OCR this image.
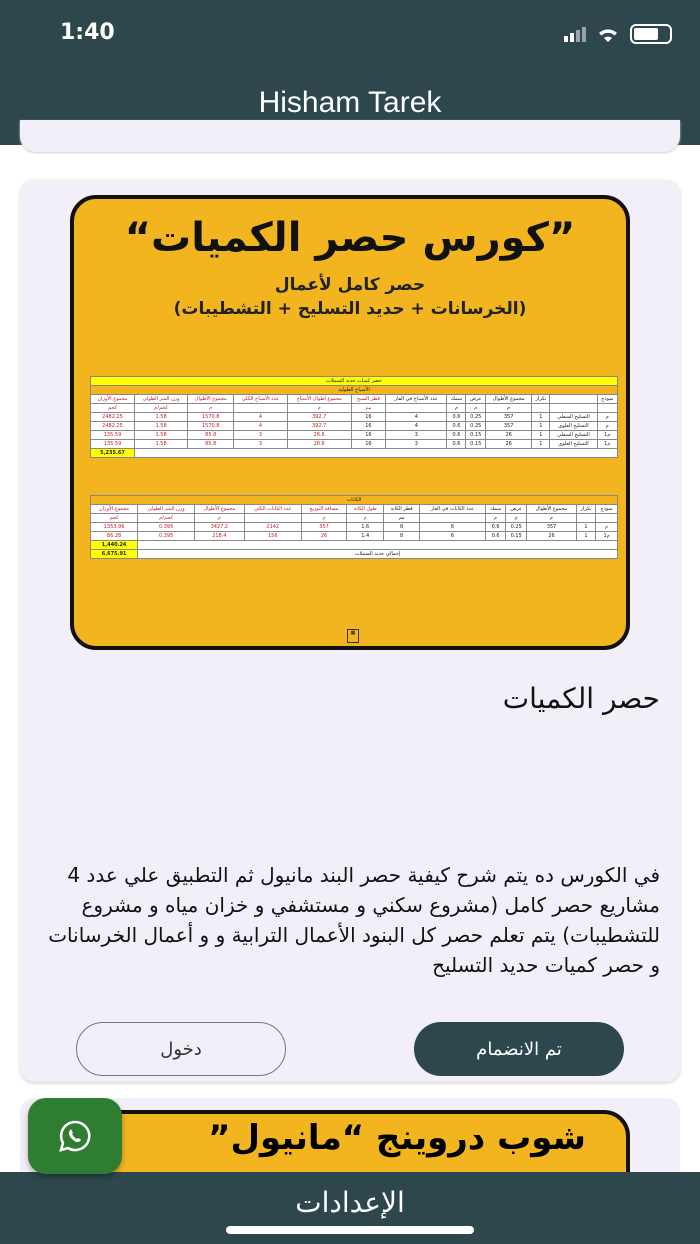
1:40
Hisham Tarek
“كورس حصر الكميات”
حصر كامل لأعمال
(الخرسانات + حديد التسليح + التشطيبات)
حصر كميات حديد السملات												
الأسياخ الطولية												
نموذج		تكرار	مجموع الأطوال	عرض	سمك	عدد الأسياخ في الفار	قطر السيخ	مجموع أطوال الأسياخ	عدد الأسياخ الكلي	مجموع الأطوال	وزن المتر الطولي	مجموع الأوزان
			م	م	م		مم	م		م	كجم/م	كجم
م	التسليح السفلي	1	357	0.25	0.6	4	16	392.7	4	1570.8	1.58	2482.25
م	التسليح العلوي	1	357	0.25	0.6	4	16	392.7	4	1570.8	1.58	2482.25
م1	التسليح السفلي	1	26	0.15	0.6	3	16	28.6	3	85.8	1.58	135.59
م1	التسليح العلوي	1	26	0.15	0.6	3	16	28.6	3	85.8	1.58	135.59
												5,235.67
الكانات												
نموذج	تكرار	مجموع الأطوال	عرض	سمك	عدد الكانات في الفار	قطر الكانة	طول الكانة	مسافة التوزيع	عدد الكانات الكلي	مجموع الأطوال	وزن المتر الطولي	مجموع الأوزان
		م	م	م		مم	م	م		م	كجم/م	كجم
م	1	357	0.25	0.6	6	8	1.6	357	2142	3427.2	0.395	1353.96
م1	1	26	0.15	0.6	6	8	1.4	26	156	218.4	0.395	86.28
												1,440.24
إجمالي حديد السملات												6,675.91
▦
حصر الكميات
في الكورس ده يتم شرح كيفية حصر البند مانيول ثم التطبيق علي عدد 4 مشاريع حصر كامل (مشروع سكني و مستشفي و خزان مياه و مشروع للتشطيبات) يتم تعلم حصر كل البنود الأعمال الترابية و و أعمال الخرسانات و حصر كميات حديد التسليح
دخول	تم الانضمام
شوب دروينج “مانيول”
الإعدادات
